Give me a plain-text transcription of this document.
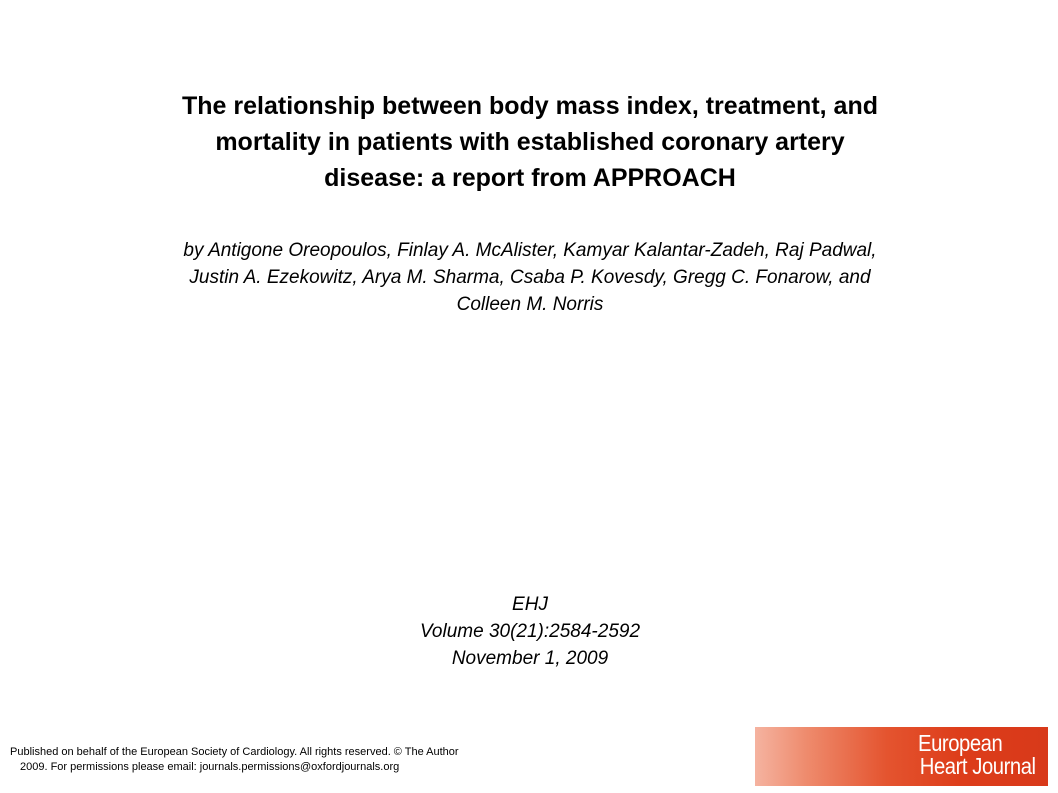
The relationship between body mass index, treatment, and
mortality in patients with established coronary artery
disease: a report from APPROACH
by Antigone Oreopoulos, Finlay A. McAlister, Kamyar Kalantar-Zadeh, Raj Padwal,
Justin A. Ezekowitz, Arya M. Sharma, Csaba P. Kovesdy, Gregg C. Fonarow, and
Colleen M. Norris
EHJ
Volume 30(21):2584-2592
November 1, 2009
Published on behalf of the European Society of Cardiology. All rights reserved. © The Author
2009. For permissions please email: journals.permissions@oxfordjournals.org
European
Heart Journal
